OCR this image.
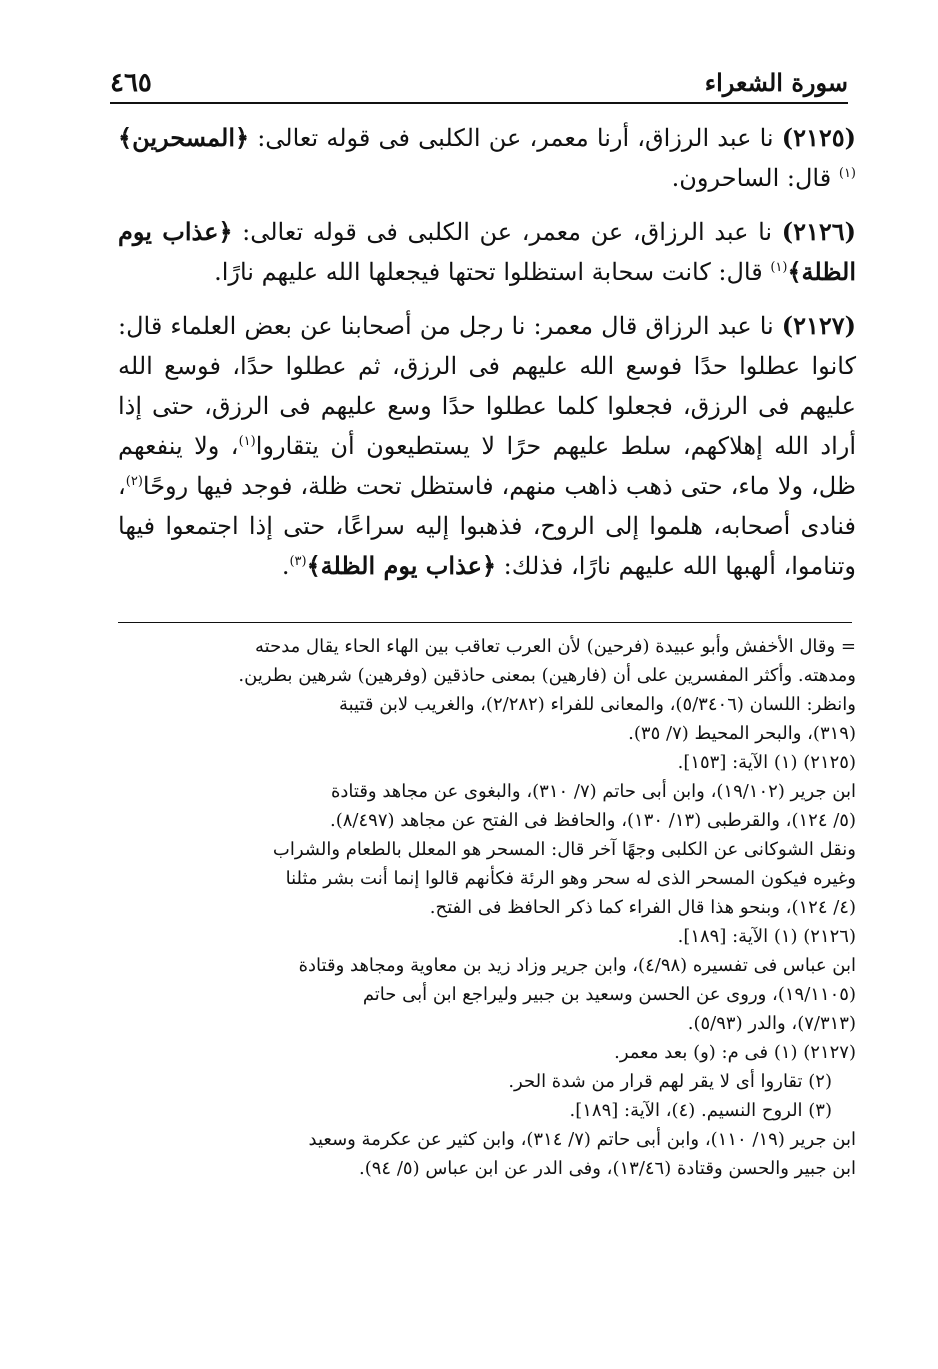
٤٦٥	سورة الشعراء

(٢١٢٥) نا عبد الرزاق، أرنا معمر، عن الكلبى فى قوله تعالى: ﴿المسحرين﴾$^{(١)}$ قال: الساحرون.

(٢١٢٦) نا عبد الرزاق، عن معمر، عن الكلبى فى قوله تعالى: ﴿عذاب يوم الظلة﴾$^{(١)}$ قال: كانت سحابة استظلوا تحتها فيجعلها الله عليهم نارًا.

(٢١٢٧) نا عبد الرزاق قال معمر: نا رجل من أصحابنا عن بعض العلماء قال: كانوا عطلوا حدًا فوسع الله عليهم فى الرزق، ثم عطلوا حدًا، فوسع الله عليهم فى الرزق، فجعلوا كلما عطلوا حدًا وسع عليهم فى الرزق، حتى إذا أراد الله إهلاكهم، سلط عليهم حرًا لا يستطيعون أن يتقاروا$^{(١)}$، ولا ينفعهم ظل، ولا ماء، حتى ذهب ذاهب منهم، فاستظل تحت ظلة، فوجد فيها روحًا$^{(٢)}$، فنادى أصحابه، هلموا إلى الروح، فذهبوا إليه سراعًا، حتى إذا اجتمعوا فيها وتناموا، ألهبها الله عليهم نارًا، فذلك: ﴿عذاب يوم الظلة﴾$^{(٣)}$.

= وقال الأخفش وأبو عبيدة (فرحين) لأن العرب تعاقب بين الهاء الحاء يقال مدحته

ومدهته. وأكثر المفسرين على أن (فارهين) بمعنى حاذقين (وفرهين) شرهين بطرين.

وانظر: اللسان (٥/٣٤٠٦)، والمعانى للفراء (٢/٢٨٢)، والغريب لابن قتيبة

(٣١٩)، والبحر المحيط (٧/ ٣٥).

(٢١٢٥) (١) الآية: [١٥٣].

ابن جرير (١٩/١٠٢)، وابن أبى حاتم (٧/ ٣١٠)، والبغوى عن مجاهد وقتادة

(٥/ ١٢٤)، والقرطبى (١٣/ ١٣٠)، والحافظ فى الفتح عن مجاهد (٨/٤٩٧).

ونقل الشوكانى عن الكلبى وجهًا آخر قال: المسحر هو المعلل بالطعام والشراب

وغيره فيكون المسحر الذى له سحر وهو الرئة فكأنهم قالوا إنما أنت بشر مثلنا

(٤/ ١٢٤)، وبنحو هذا قال الفراء كما ذكر الحافظ فى الفتح.

(٢١٢٦) (١) الآية: [١٨٩].

ابن عباس فى تفسيره (٤/٩٨)، وابن جرير وزاد زيد بن معاوية ومجاهد وقتادة

(١٩/١١٠٥)، وروى عن الحسن وسعيد بن جبير وليراجع ابن أبى حاتم

(٧/٣١٣)، والدر (٥/٩٣).

(٢١٢٧) (١) فى م: (و) بعد معمر.

(٢) تقاروا أى لا يقر لهم قرار من شدة الحر.

(٣) الروح النسيم. (٤)، الآية: [١٨٩].

ابن جرير (١٩/ ١١٠)، وابن أبى حاتم (٧/ ٣١٤)، وابن كثير عن عكرمة وسعيد

ابن جبير والحسن وقتادة (١٣/٤٦)، وفى الدر عن ابن عباس (٥/ ٩٤).
